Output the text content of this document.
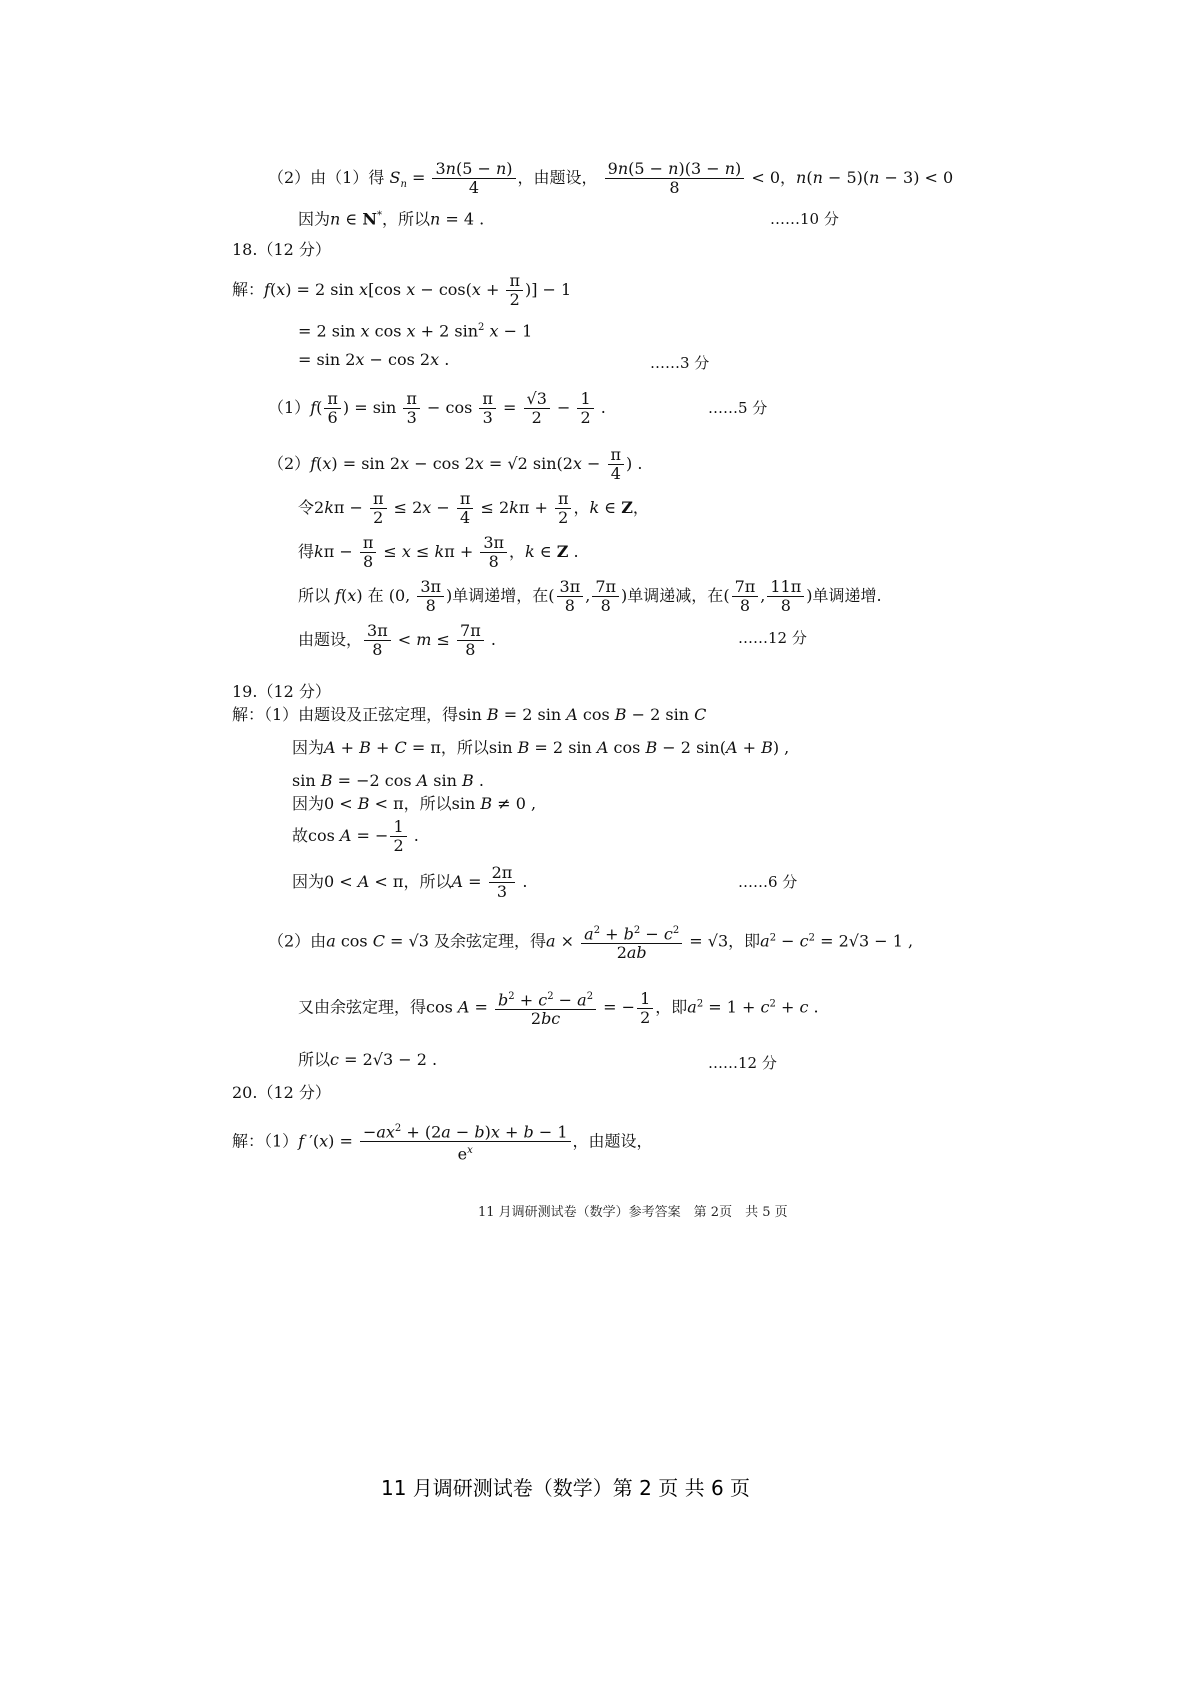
（2）由（1）得 $S_n = \frac{3n(5 - n)}{4}$ ，由题设， $\frac{9n(5 - n)(3 - n)}{8} < 0$，n(n − 5)(n − 3) < 0
因为n ∈ N*，所以n = 4 .	……10 分
18.（12 分）
解：f(x) = 2 sin x[cos $x - \cos(x + \frac{\pi}{2}$ )] − 1
= 2 sin x cos x + 2 $\sin^2 x - 1$
= sin 2x − cos 2x .	……3 分
$(1)f( \frac{\pi}{6}$ ) = $\sin \frac{\pi}{3} - \cos \frac{\pi}{3} = \frac{√3}{2} - \frac{1}{2}$ .	……5 分
（2）f(x) = sin 2x − cos 2x = √2 $\sin(2x - \frac{\pi}{4}$ ) .
令$2k\pi - \frac{\pi}{2} \le 2x - \frac{\pi}{4} \le 2k\pi + \frac{\pi}{2}$ ，k ∈ Z，
得$k\pi - \frac{\pi}{8} \le x \le k\pi + \frac{3\pi}{8}$ ，k ∈ Z .
所以 f(x) 在 (0, $\frac{3\pi}{8}$ )单调递增，在( $\frac{3\pi}{8}$ , $\frac{7\pi}{8}$ )单调递减，在( $\frac{7\pi}{8}$ , $\frac{11\pi}{8}$ )单调递增.
由题设， $\frac{3\pi}{8} < m \le \frac{7\pi}{8}$ .	……12 分
19.（12 分）
解：（1）由题设及正弦定理，得sin B = 2 sin A cos B − 2 sin C
因为A + B + C = π，所以sin B = 2 sin A cos B − 2 sin(A + B) ,
sin B = −2 cos A sin B .
因为0 < B < π，所以sin B ≠ 0 ,
故cos A = − $\frac{1}{2}$ .
因为0 < A < π，所以$A = \frac{2\pi}{3}$ .	……6 分
（2）由a cos C = √3 及余弦定理，得$a \times \frac{a^2 + b^2 - c^2}{2ab} = √3$，即$a^2 - c^2 = 2√3 - 1$ ,
又由余弦定理，得$\cos A = \frac{b^2 + c^2 - a^2}{2bc}$ = − $\frac{1}{2}$ ，即$a^2 = 1 + c^2 + c$ .
所以c = 2√3 − 2 .	……12 分
20.（12 分）
解：（1）f $'(x) = \frac{-ax^2 + (2a - b)x + b - 1}{e^x}$ ，由题设，
11 月调研测试卷（数学）参考答案　第 2页　共 5 页
11 月调研测试卷（数学）第 2 页 共 6 页
